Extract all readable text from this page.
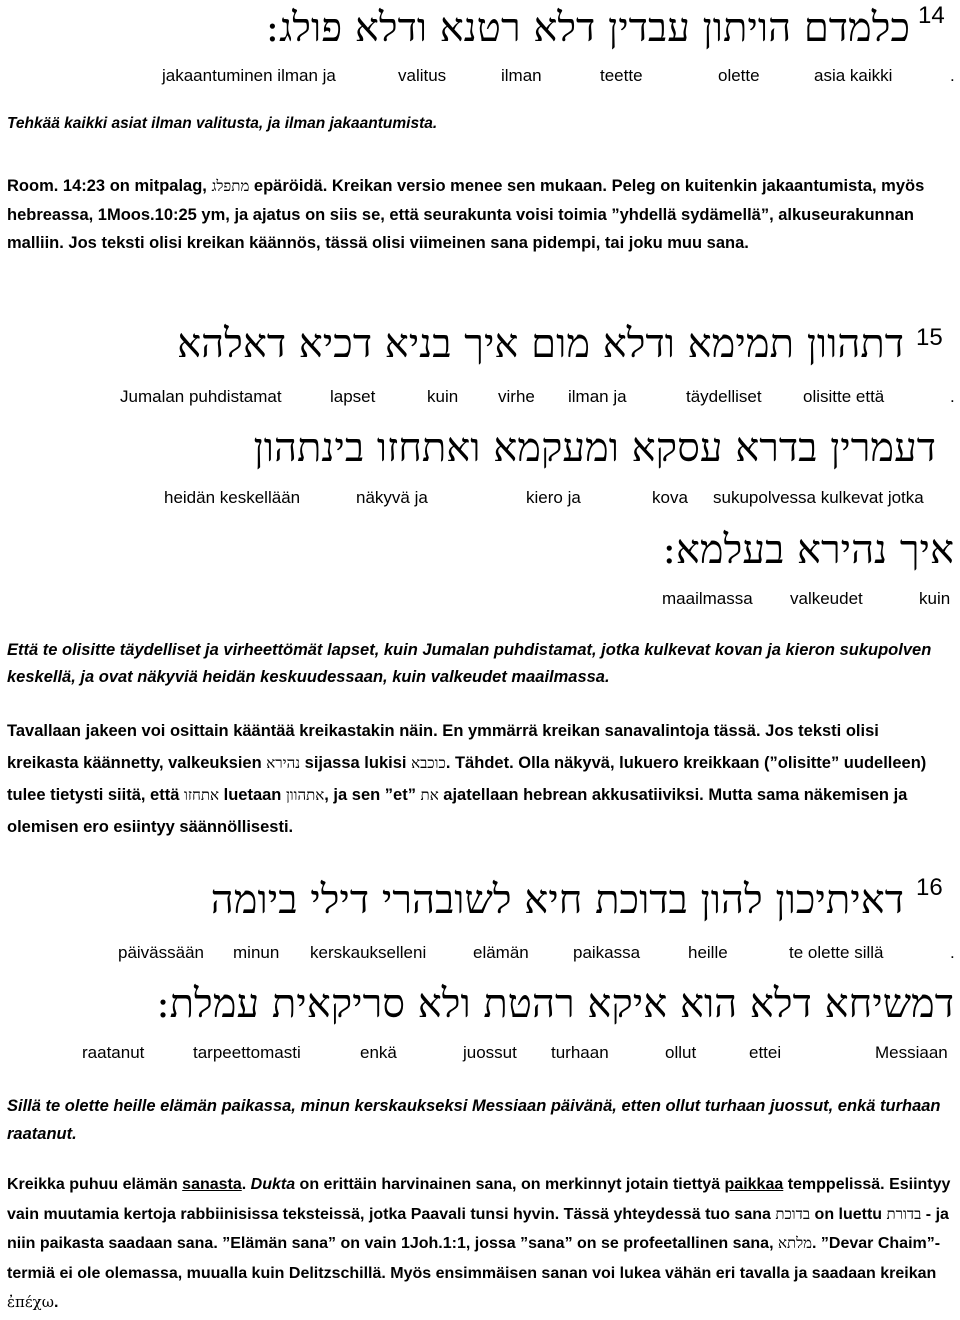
14
כלמדם הויתון עבדין דלא רטנא ודלא פולג:
jakaantuminen ilman ja	valitus	ilman	teette	olette	asia kaikki	.
Tehkää kaikki asiat ilman valitusta, ja ilman jakaantumista.
Room. 14:23 on mitpalag, מתפלג epäröidä. Kreikan versio menee sen mukaan. Peleg on kuitenkin jakaantumista, myös hebreassa, 1Moos.10:25 ym, ja ajatus on siis se, että seurakunta voisi toimia ”yhdellä sydämellä”, alkuseurakunnan malliin. Jos teksti olisi kreikan käännös, tässä olisi viimeinen sana pidempi, tai joku muu sana.
15
דתהוון תמימא ודלא מום איך בניא דכיא דאלהא
Jumalan puhdistamat	lapset	kuin virhe ilman ja	täydelliset olisitte että	.
דעמרין בדרא עסקא ומעקמא ואתחזו בינתהון
heidän keskellään	näkyvä ja	kiero ja	kova sukupolvessa kulkevat jotka
איך נהירא בעלמא:
maailmassa valkeudet	kuin
Että te olisitte täydelliset ja virheettömät lapset, kuin Jumalan puhdistamat, jotka kulkevat kovan ja kieron sukupolven keskellä, ja ovat näkyviä heidän keskuudessaan, kuin valkeudet maailmassa.
Tavallaan jakeen voi osittain kääntää kreikastakin näin. En ymmärrä kreikan sanavalintoja tässä. Jos teksti olisi kreikasta käännetty, valkeuksien נהירא sijassa lukisi כוכבא. Tähdet. Olla näkyvä, lukuero kreikkaan (”olisitte” uudelleen) tulee tietysti siitä, että אתחזו luetaan אתהוון, ja sen ”et” את ajatellaan hebrean akkusatiiviksi. Mutta sama näkemisen ja olemisen ero esiintyy säännöllisesti.
16
דאיתיכון להון בדוכת חיא לשובהרי דילי ביומה
päivässään minun kerskaukselleni	elämän	paikassa	heille	te olette sillä	.
דמשיחא דלא הוא איקא רהטת ולא סריקאית עמלת:
raatanut	tarpeettomasti	enkä	juossut turhaan	ollut	ettei	Messiaan
Sillä te olette heille elämän paikassa, minun kerskaukseksi Messiaan päivänä, etten ollut turhaan juossut, enkä turhaan raatanut.
Kreikka puhuu elämän sanasta. Dukta on erittäin harvinainen sana, on merkinnyt jotain tiettyä paikkaa temppelissä. Esiintyy vain muutamia kertoja rabbiinisissa teksteissä, jotka Paavali tunsi hyvin. Tässä yhteydessä tuo sana בדוכת on luettu בדורת - ja niin paikasta saadaan sana. ”Elämän sana” on vain 1Joh.1:1, jossa ”sana” on se profeetallinen sana, מלתא. ”Devar Chaim”-termiä ei ole olemassa, muualla kuin Delitzschillä. Myös ensimmäisen sanan voi lukea vähän eri tavalla ja saadaan kreikan ἐπέχω.
